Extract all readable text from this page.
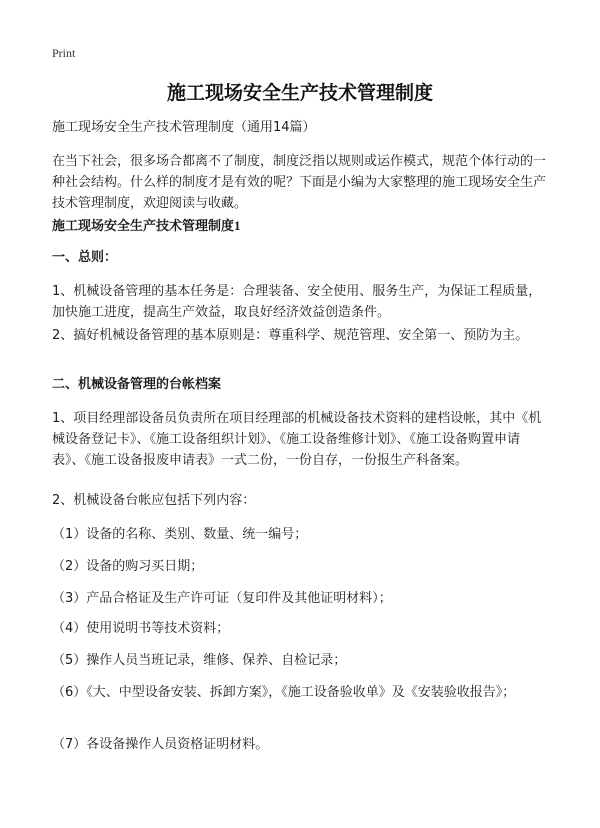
Print
施工现场安全生产技术管理制度
施工现场安全生产技术管理制度（通用14篇）
在当下社会，很多场合都离不了制度，制度泛指以规则或运作模式，规范个体行动的一种社会结构。什么样的制度才是有效的呢？下面是小编为大家整理的施工现场安全生产技术管理制度，欢迎阅读与收藏。
施工现场安全生产技术管理制度1
一、总则：
1、机械设备管理的基本任务是：合理装备、安全使用、服务生产，为保证工程质量，加快施工进度，提高生产效益，取良好经济效益创造条件。
2、搞好机械设备管理的基本原则是：尊重科学、规范管理、安全第一、预防为主。
二、机械设备管理的台帐档案
1、项目经理部设备员负责所在项目经理部的机械设备技术资料的建档设帐，其中《机械设备登记卡》、《施工设备组织计划》、《施工设备维修计划》、《施工设备购置申请表》、《施工设备报废申请表》一式二份，一份自存，一份报生产科备案。
2、机械设备台帐应包括下列内容：
（1）设备的名称、类别、数量、统一编号；
（2）设备的购习买日期；
（3）产品合格证及生产许可证（复印件及其他证明材料）；
（4）使用说明书等技术资料；
（5）操作人员当班记录，维修、保养、自检记录；
（6）《大、中型设备安装、拆卸方案》，《施工设备验收单》及《安装验收报告》；
（7）各设备操作人员资格证明材料。
